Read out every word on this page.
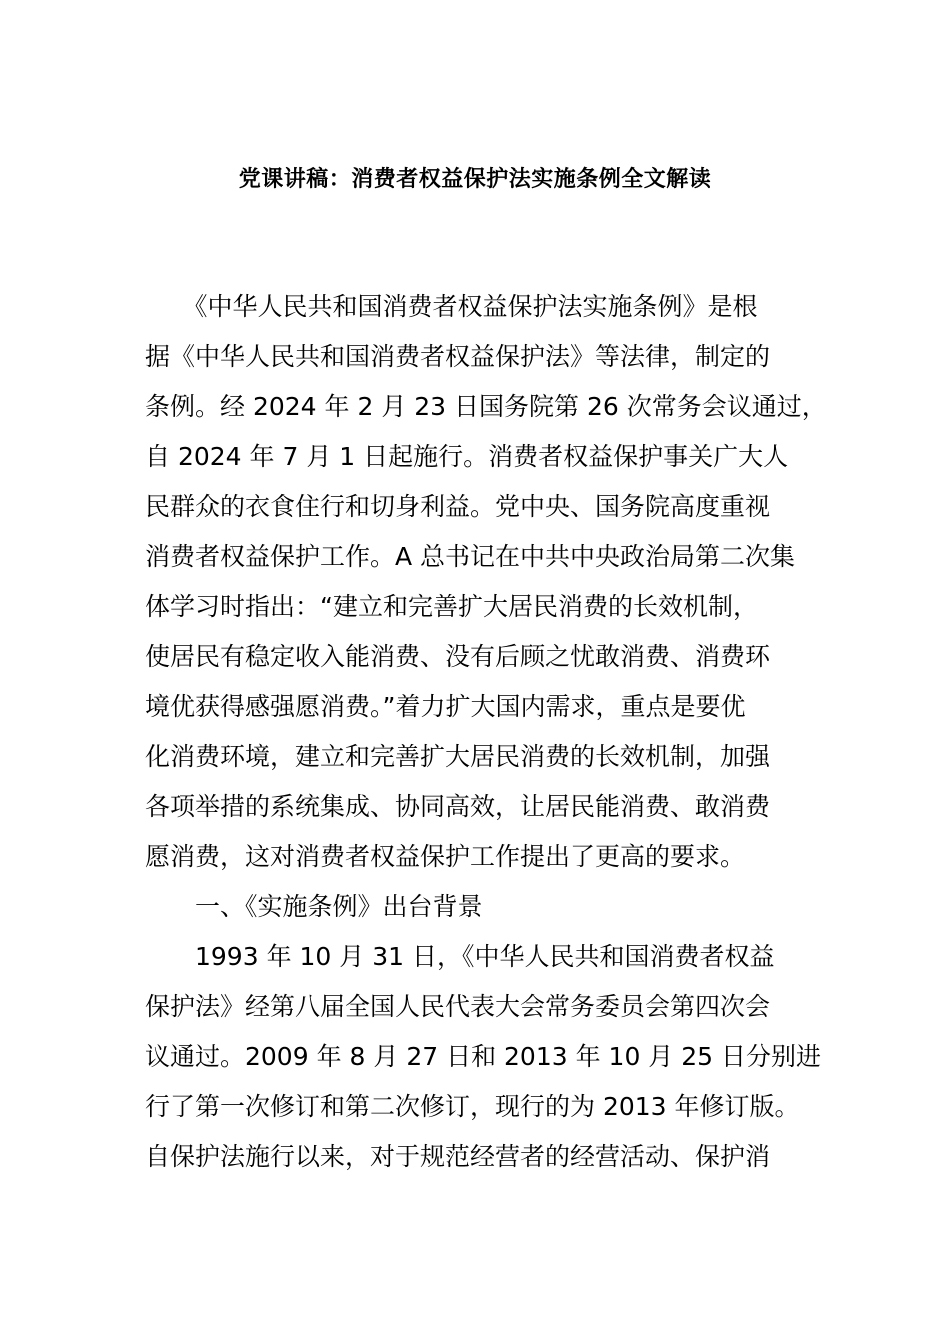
党课讲稿：消费者权益保护法实施条例全文解读
　　《中华人民共和国消费者权益保护法实施条例》是根
据《中华人民共和国消费者权益保护法》等法律，制定的
条例。经 2024 年 2 月 23 日国务院第 26 次常务会议通过，
自 2024 年 7 月 1 日起施行。消费者权益保护事关广大人
民群众的衣食住行和切身利益。党中央、国务院高度重视
消费者权益保护工作。A 总书记在中共中央政治局第二次集
体学习时指出：“建立和完善扩大居民消费的长效机制，
使居民有稳定收入能消费、没有后顾之忧敢消费、消费环
境优获得感强愿消费。”着力扩大国内需求，重点是要优
化消费环境，建立和完善扩大居民消费的长效机制，加强
各项举措的系统集成、协同高效，让居民能消费、敢消费
愿消费，这对消费者权益保护工作提出了更高的要求。
　　一、《实施条例》出台背景
　　1993 年 10 月 31 日，《中华人民共和国消费者权益
保护法》经第八届全国人民代表大会常务委员会第四次会
议通过。2009 年 8 月 27 日和 2013 年 10 月 25 日分别进
行了第一次修订和第二次修订，现行的为 2013 年修订版。
自保护法施行以来，对于规范经营者的经营活动、保护消
